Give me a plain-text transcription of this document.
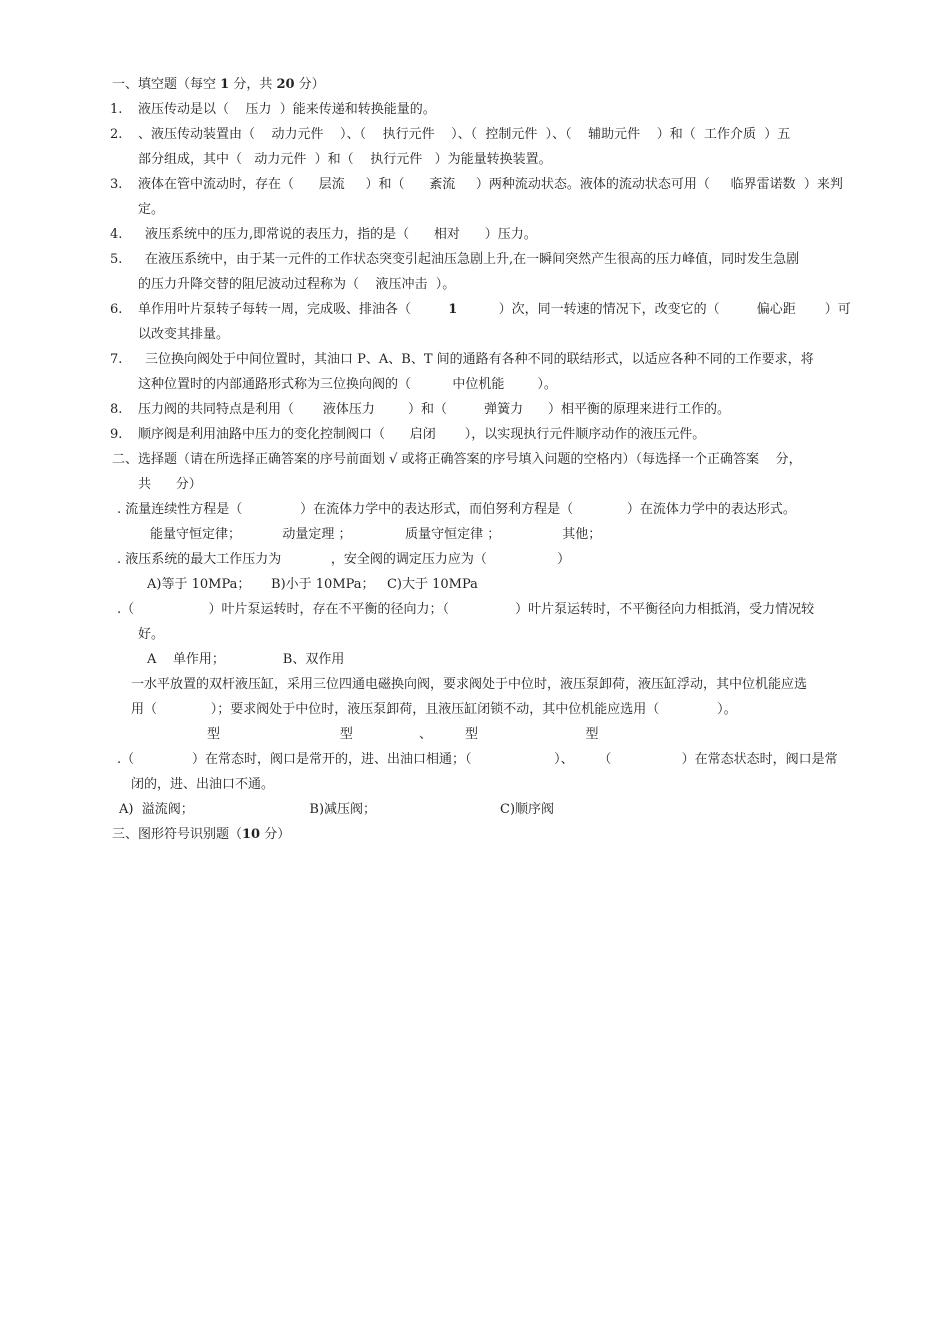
一、填空题（每空 1 分，共 20 分）
1. 液压传动是以（    压力  ）能来传递和转换能量的。
2. 、液压传动装置由（    动力元件    ）、（    执行元件    ）、（  控制元件  ）、（    辅助元件    ）和（  工作介质  ）五
部分组成，其中（   动力元件  ）和（    执行元件   ）为能量转换装置。
3. 液体在管中流动时，存在（      层流     ）和（      紊流     ）两种流动状态。液体的流动状态可用（     临界雷诺数  ）来判
定。
4. 液压系统中的压力,即常说的表压力，指的是（      相对      ）压力。
5. 在液压系统中，由于某一元件的工作状态突变引起油压急剧上升,在一瞬间突然产生很高的压力峰值，同时发生急剧
的压力升降交替的阻尼波动过程称为（    液压冲击  ）。
6. 单作用叶片泵转子每转一周，完成吸、排油各（         1          ）次，同一转速的情况下，改变它的（         偏心距       ）可
以改变其排量。
7. 三位换向阀处于中间位置时，其油口 P、A、B、T 间的通路有各种不同的联结形式，以适应各种不同的工作要求，将
这种位置时的内部通路形式称为三位换向阀的（          中位机能        ）。
8. 压力阀的共同特点是利用（       液体压力        ）和（         弹簧力      ）相平衡的原理来进行工作的。
9. 顺序阀是利用油路中压力的变化控制阀口（      启闭       ），以实现执行元件顺序动作的液压元件。
二、选择题（请在所选择正确答案的序号前面划 √ 或将正确答案的序号填入问题的空格内）（每选择一个正确答案    分，
共      分）
. 流量连续性方程是（              ）在流体力学中的表达形式，而伯努利方程是（             ）在流体力学中的表达形式。
能量守恒定律；          动量定理 ；             质量守恒定律 ；               其他；
. 液压系统的最大工作压力为            ，安全阀的调定压力应为（                 ）
A)等于 10MPa；     B)小于 10MPa；   C)大于 10MPa
.（                  ）叶片泵运转时，存在不平衡的径向力；（                ）叶片泵运转时，不平衡径向力相抵消，受力情况较
好。
A    单作用；              B、双作用
一水平放置的双杆液压缸，采用三位四通电磁换向阀，要求阀处于中位时，液压泵卸荷，液压缸浮动，其中位机能应选
用（             ）；要求阀处于中位时，液压泵卸荷，且液压缸闭锁不动，其中位机能应选用（              ）。
型                             型                、        型                          型
.（              ）在常态时，阀口是常开的，进、出油口相通；（                    ）、      （                 ）在常态状态时，阀口是常
闭的，进、出油口不通。
A)  溢流阀；                            B)减压阀；                              C)顺序阀
三、图形符号识别题（10 分）
